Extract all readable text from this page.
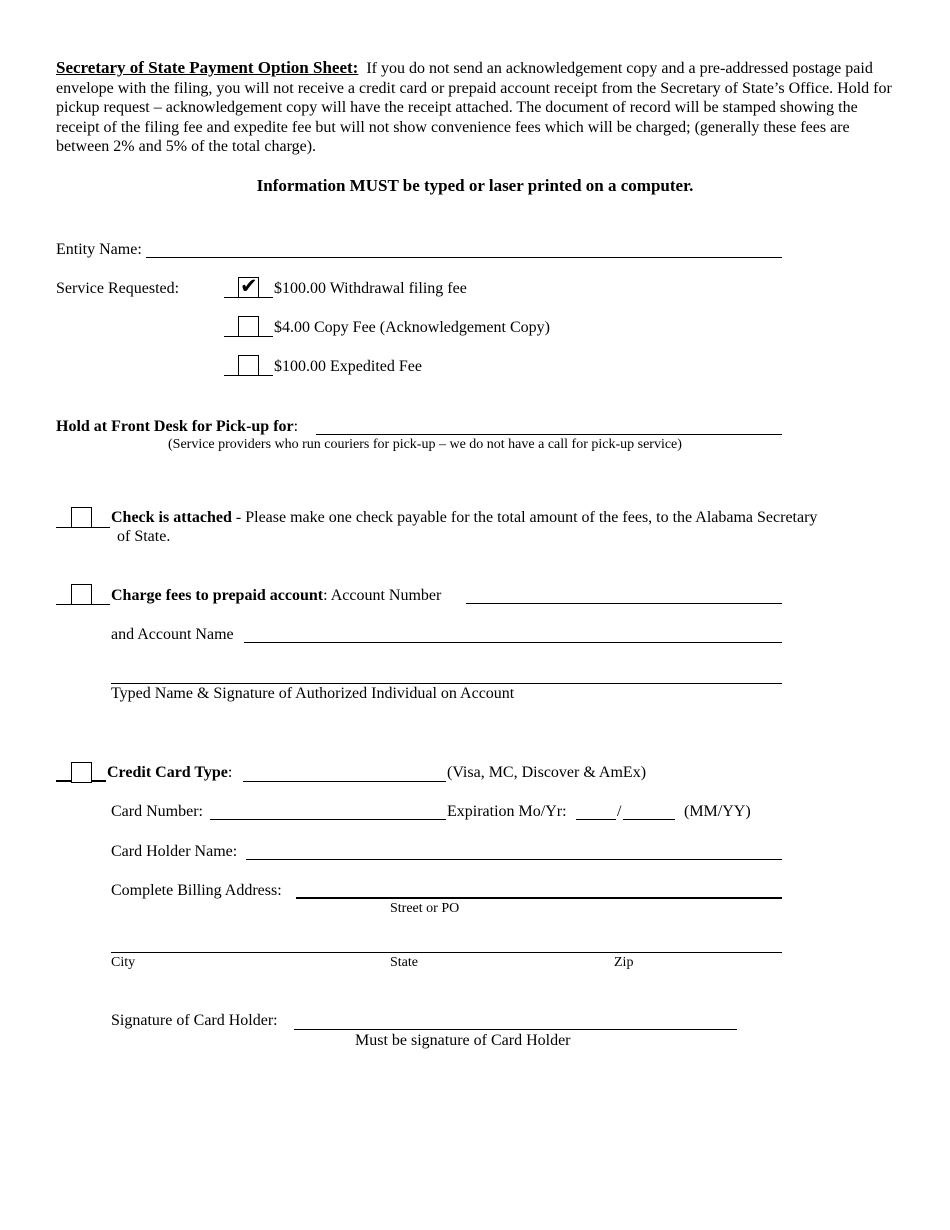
Secretary of State Payment Option Sheet: If you do not send an acknowledgement copy and a pre-addressed postage paid envelope with the filing, you will not receive a credit card or prepaid account receipt from the Secretary of State’s Office. Hold for pickup request – acknowledgement copy will have the receipt attached. The document of record will be stamped showing the receipt of the filing fee and expedite fee but will not show convenience fees which will be charged; (generally these fees are between 2% and 5% of the total charge).
Information MUST be typed or laser printed on a computer.
Entity Name:
Service Requested:	✔ $100.00 Withdrawal filing fee
$4.00 Copy Fee (Acknowledgement Copy)
$100.00 Expedited Fee
Hold at Front Desk for Pick-up for:
(Service providers who run couriers for pick-up – we do not have a call for pick-up service)
Check is attached - Please make one check payable for the total amount of the fees, to the Alabama Secretary
of State.
Charge fees to prepaid account: Account Number
and Account Name
Typed Name & Signature of Authorized Individual on Account
Credit Card Type:	(Visa, MC, Discover & AmEx)
Card Number:	Expiration Mo/Yr:	/	(MM/YY)
Card Holder Name:
Complete Billing Address:
Street or PO
City	State	Zip
Signature of Card Holder:
Must be signature of Card Holder
